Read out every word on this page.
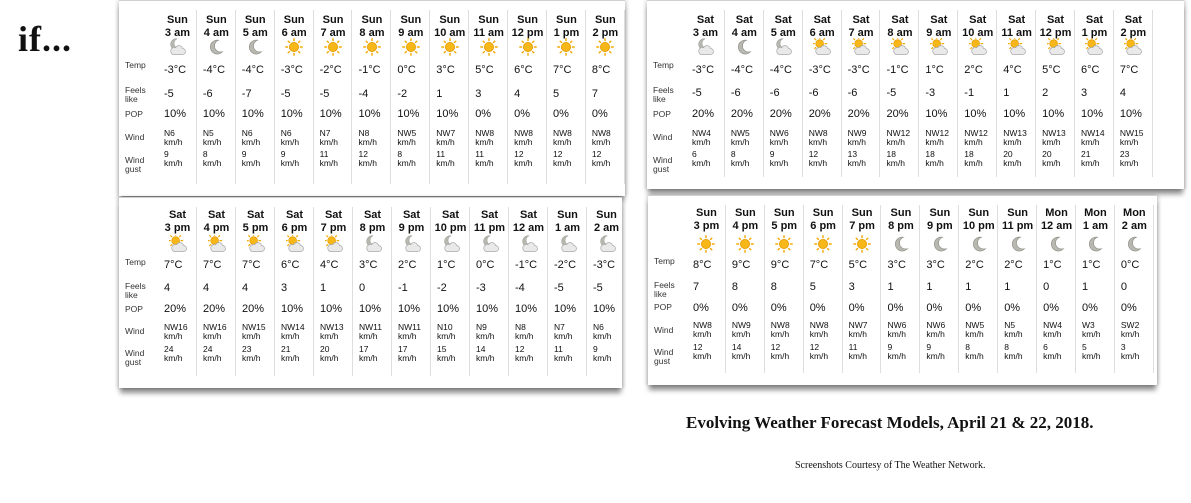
if...
Temp
Feels like
POP
Wind
Wind gust
Sun
3 am
-3°C
-5
10%
N6
km/h
9
km/h
Sun
4 am
-4°C
-6
10%
N5
km/h
8
km/h
Sun
5 am
-4°C
-7
10%
N6
km/h
9
km/h
Sun
6 am
-3°C
-5
10%
N6
km/h
9
km/h
Sun
7 am
-2°C
-5
10%
N7
km/h
11
km/h
Sun
8 am
-1°C
-4
10%
N8
km/h
12
km/h
Sun
9 am
0°C
-2
10%
NW5
km/h
8
km/h
Sun
10 am
3°C
1
10%
NW7
km/h
11
km/h
Sun
11 am
5°C
3
0%
NW8
km/h
11
km/h
Sun
12 pm
6°C
4
0%
NW8
km/h
12
km/h
Sun
1 pm
7°C
5
0%
NW8
km/h
12
km/h
Sun
2 pm
8°C
7
0%
NW8
km/h
12
km/h
Temp
Feels like
POP
Wind
Wind gust
Sat
3 am
-3°C
-5
20%
NW4
km/h
6
km/h
Sat
4 am
-4°C
-6
20%
NW5
km/h
8
km/h
Sat
5 am
-4°C
-6
20%
NW6
km/h
9
km/h
Sat
6 am
-3°C
-6
20%
NW8
km/h
12
km/h
Sat
7 am
-3°C
-6
20%
NW9
km/h
13
km/h
Sat
8 am
-1°C
-5
20%
NW12
km/h
18
km/h
Sat
9 am
1°C
-3
10%
NW12
km/h
18
km/h
Sat
10 am
2°C
-1
10%
NW12
km/h
18
km/h
Sat
11 am
4°C
1
10%
NW13
km/h
20
km/h
Sat
12 pm
5°C
2
10%
NW13
km/h
20
km/h
Sat
1 pm
6°C
3
10%
NW14
km/h
21
km/h
Sat
2 pm
7°C
4
10%
NW15
km/h
23
km/h
Temp
Feels like
POP
Wind
Wind gust
Sat
3 pm
7°C
4
20%
NW16
km/h
24
km/h
Sat
4 pm
7°C
4
20%
NW16
km/h
24
km/h
Sat
5 pm
7°C
4
20%
NW15
km/h
23
km/h
Sat
6 pm
6°C
3
10%
NW14
km/h
21
km/h
Sat
7 pm
4°C
1
10%
NW13
km/h
20
km/h
Sat
8 pm
3°C
0
10%
NW11
km/h
17
km/h
Sat
9 pm
2°C
-1
10%
NW11
km/h
17
km/h
Sat
10 pm
1°C
-2
10%
N10
km/h
15
km/h
Sat
11 pm
0°C
-3
10%
N9
km/h
14
km/h
Sat
12 am
-1°C
-4
10%
N8
km/h
12
km/h
Sun
1 am
-2°C
-5
10%
N7
km/h
11
km/h
Sun
2 am
-3°C
-5
10%
N6
km/h
9
km/h
Temp
Feels like
POP
Wind
Wind gust
Sun
3 pm
8°C
7
0%
NW8
km/h
12
km/h
Sun
4 pm
9°C
8
0%
NW9
km/h
14
km/h
Sun
5 pm
9°C
8
0%
NW8
km/h
12
km/h
Sun
6 pm
7°C
5
0%
NW8
km/h
12
km/h
Sun
7 pm
5°C
3
0%
NW7
km/h
11
km/h
Sun
8 pm
3°C
1
0%
NW6
km/h
9
km/h
Sun
9 pm
3°C
1
0%
NW6
km/h
9
km/h
Sun
10 pm
2°C
1
0%
NW5
km/h
8
km/h
Sun
11 pm
2°C
1
0%
N5
km/h
8
km/h
Mon
12 am
1°C
0
0%
NW4
km/h
6
km/h
Mon
1 am
1°C
1
0%
W3
km/h
5
km/h
Mon
2 am
0°C
0
0%
SW2
km/h
3
km/h
Evolving Weather Forecast Models, April 21 & 22, 2018.
Screenshots Courtesy of The Weather Network.
